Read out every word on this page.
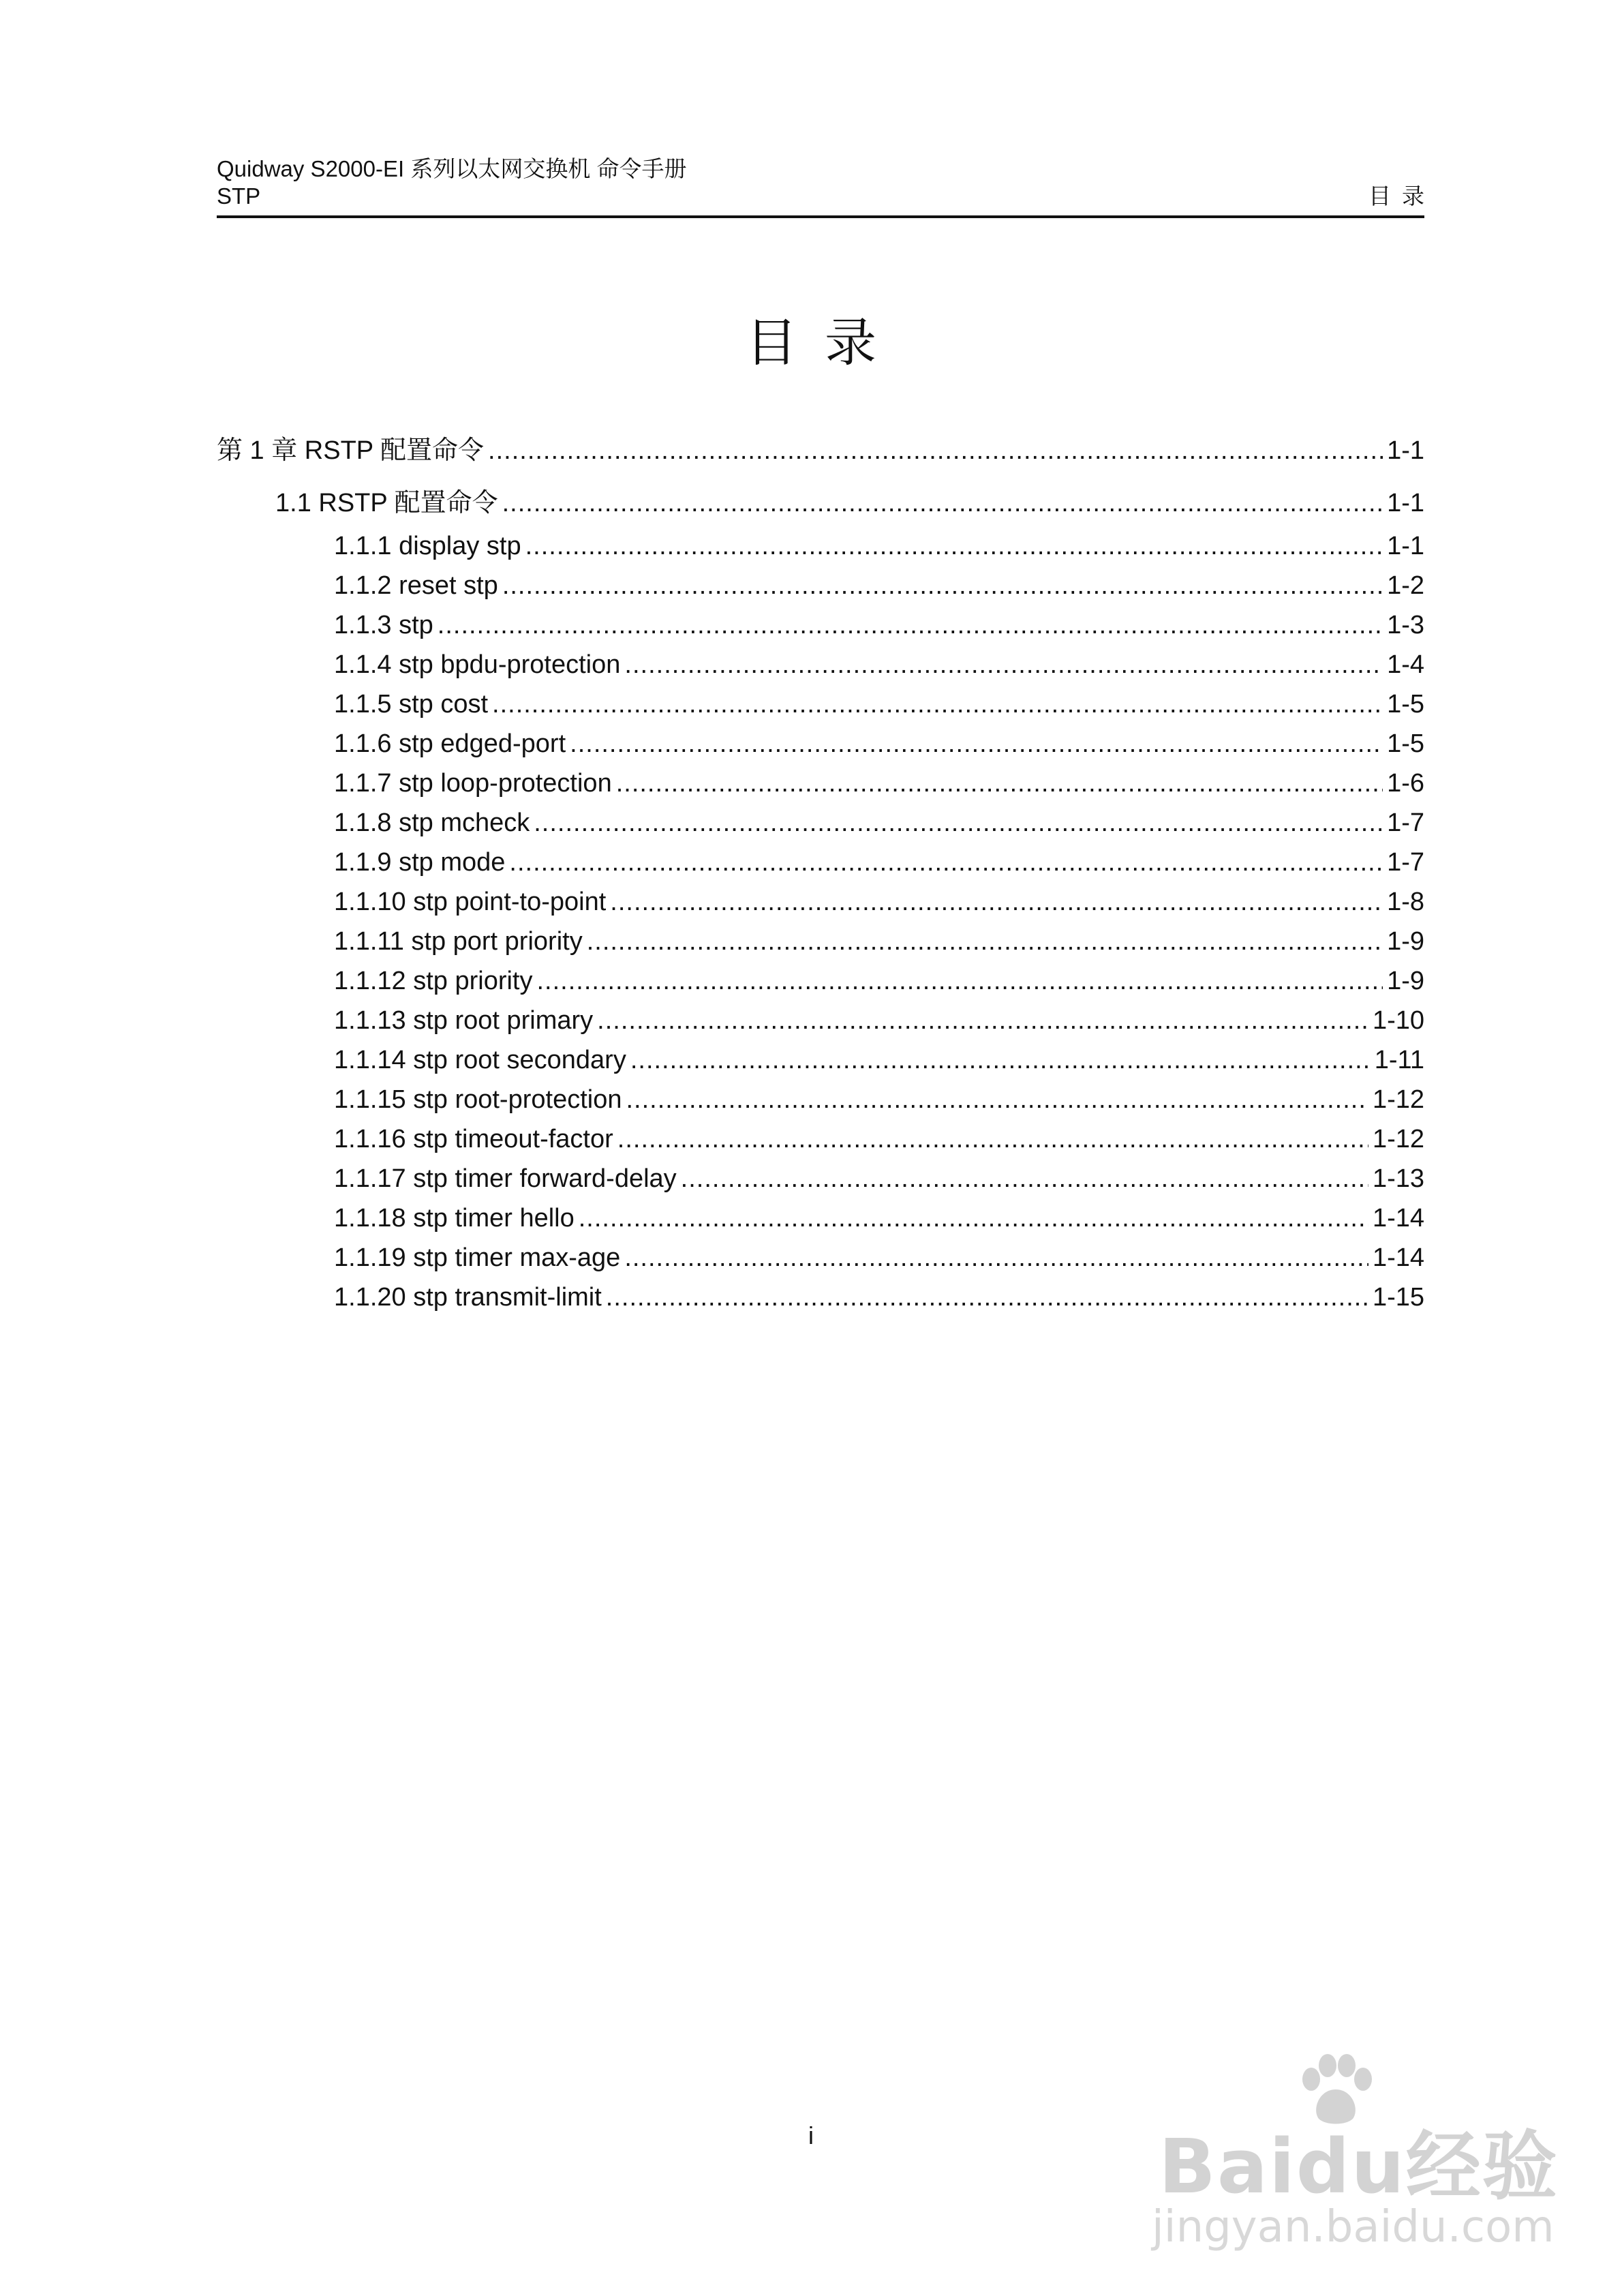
Quidway S2000-EI 系列以太网交换机 命令手册
STP	目录
目录
第 1 章 RSTP 配置命令 .....	1-1
1.1 RSTP 配置命令 .....	1-1
1.1.1 display stp .....	1-1
1.1.2 reset stp .....	1-2
1.1.3 stp .....	1-3
1.1.4 stp bpdu-protection .....	1-4
1.1.5 stp cost .....	1-5
1.1.6 stp edged-port .....	1-5
1.1.7 stp loop-protection .....	1-6
1.1.8 stp mcheck .....	1-7
1.1.9 stp mode .....	1-7
1.1.10 stp point-to-point .....	1-8
1.1.11 stp port priority .....	1-9
1.1.12 stp priority .....	1-9
1.1.13 stp root primary .....	1-10
1.1.14 stp root secondary .....	1-11
1.1.15 stp root-protection .....	1-12
1.1.16 stp timeout-factor .....	1-12
1.1.17 stp timer forward-delay .....	1-13
1.1.18 stp timer hello .....	1-14
1.1.19 stp timer max-age .....	1-14
1.1.20 stp transmit-limit .....	1-15
i	Baidu经验
jingyan.baidu.com
